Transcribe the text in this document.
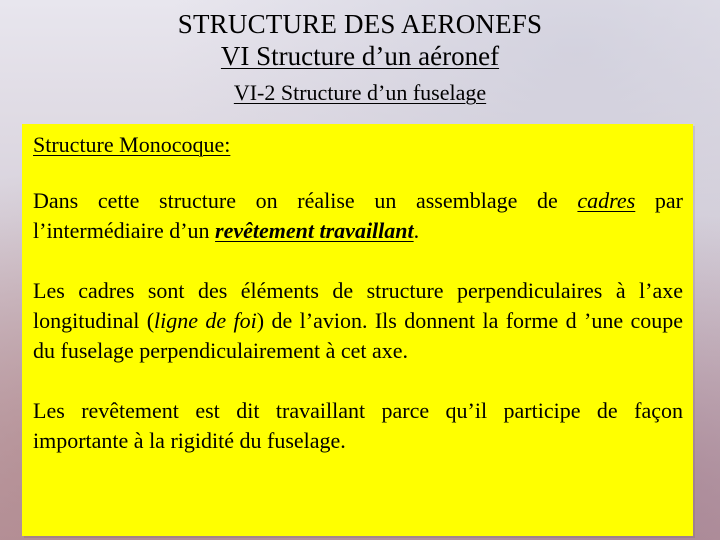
STRUCTURE DES AERONEFS
VI Structure d’un aéronef
VI-2 Structure d’un fuselage
Structure Monocoque:

Dans cette structure on réalise un assemblage de cadres par l’intermédiaire d’un revêtement travaillant.

Les cadres sont des éléments de structure perpendiculaires à l’axe longitudinal (ligne de foi) de l’avion. Ils donnent la forme d ’une coupe du fuselage perpendiculairement à cet axe.

Les revêtement est dit travaillant parce qu’il participe de façon importante à la rigidité du fuselage.
